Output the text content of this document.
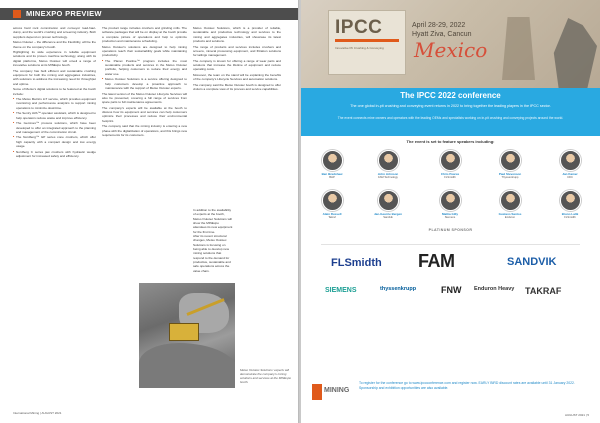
MINEXPO PREVIEW

across hard rock comminution and conveyor load-haul-dump, and the world's crushing and screening industry. Both suppliers depend on proven technology.

Metso Outotec – the difference and the Flexibility, will be the theme on the company's booth.

Highlighting its wide experience in reliable equipment solutions and its proven machine technology, along with its digital platforms, Metso Outotec will unveil a range of innovative solutions at its MINExpo booth.

The company has built efficient and sustainable crushing equipment for both the mining and aggregates industries, with solutions to address the increasing need for throughput and uptime.

Some of Metso's digital solutions to be featured at the booth include:

■ The Metso Metrics IoT service, which provides equipment monitoring and performance analytics to support mining operations to minimize downtime.
■ The Sentry AVA™ operator assistant, which is designed to help operators reduce waste and improve efficiency.
■ The Geminex™ process solutions, which have been developed to offer an integrated approach to the planning and management of the comminution circuit.
■ The Nordberg™ GP series cone crushers, which offer high capacity with a compact design and low energy usage.
■ Nordberg C series jaw crushers with hydraulic wedge adjustment for increased safety and efficiency.

The product range includes crushers and grinding mills. The software packages that will be on display at the booth provide a complete picture of operations and help to optimize production and maintenance scheduling.

Metso Outotec's solutions are designed to help mining operations reach their sustainability goals while maintaining productivity.

■ The Planet Positive™ program includes the most sustainable products and services in the Metso Outotec portfolio, helping customers to reduce their energy and water use.
■ Metso Outotec Solutions is a service offering designed to help customers develop a proactive approach to maintenance with the support of Metso Outotec experts.

The latest version of the Metso Outotec Lifecycle Services will also be presented, covering a full range of services from spare parts to full maintenance agreements.

The company's experts will be available at the booth to discuss how its equipment and services can help customers optimize their processes and reduce their environmental footprint.

The company said that the mining industry is entering a new phase with the digitalization of operations, and this brings new requirements for its customers.

Metso Outotec Solutions, which is a provider of reliable, sustainable and productive technology and services to the mining and aggregates industries, will showcase its latest products and solutions.

The range of products and services includes crushers and screens, mineral processing equipment, and filtration solutions for tailings management.

The company is known for offering a range of wear parts and solutions that increase the lifetime of equipment and reduce operating costs.

Moreover, the team on the stand will be explaining the benefits of the company's Lifecycle Services and automation solutions.

The company said the Metso Outotec booth is designed to offer visitors a complete view of its process and service capabilities.

In addition to the availability of experts at the booth, Metso Outotec Solutions will show the MINExpo attendees its new equipment for the first time.

After its recent structural changes, Metso Outotec Solutions is focusing on being able to develop new mining solutions that respond to the demand for productive, sustainable and safe operations across the value chain.

Metso Outotec Solutions' experts will demonstrate the company's mining solutions and services at the MINExpo booth.
International Mining | AUGUST 2021
IPCC
Innovative Pit Crushing & Conveying
April 28-29, 2022
Hyatt Ziva, Cancun
Mexico
The IPCC 2022 conference
The one global in-pit crushing and conveying event returns in 2022 to bring together the leading players in the IPCC sector.
The event connects mine owners and operators with the leading OEMs and specialists working on in-pit crushing and conveying projects around the world.
The event is set to feature speakers including:
Ben Bradshaw
BHP
John Johnson
FAM Technology
Chris Pearce
FLSmidth
Paul Stevenson
Thyssenkrupp
Jan Kamer
CDC
Alain Russell
Takraf
Jan-Geurrie Bergen
Sandvik
Mattia Gilly
Siemens
Gustavo Santos
Enduron
Bruno Lalik
FLSmidth
PLATINUM SPONSOR
FLSmidth FAM	SANDVIK
SIEMENS	thyssenkrupp	FNW Enduron Heavy TAKRAF
MINING
To register for the conference go to www.ipccconference.com and register now. EARLY BIRD discount rates are available until 31 January 2022. Sponsorship and exhibition opportunities are also available.
AUGUST 2021 | 5
